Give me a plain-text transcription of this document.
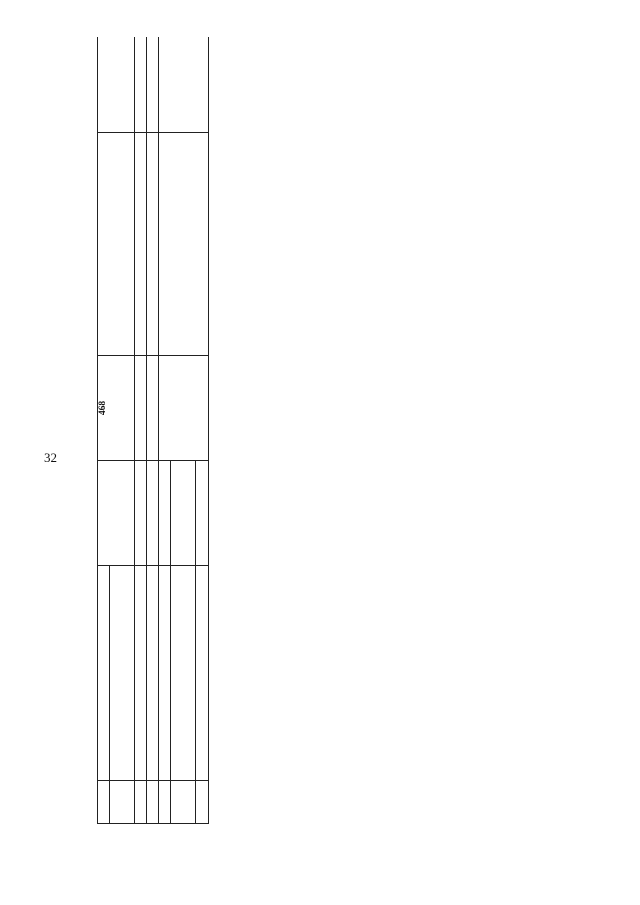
32
			468		
